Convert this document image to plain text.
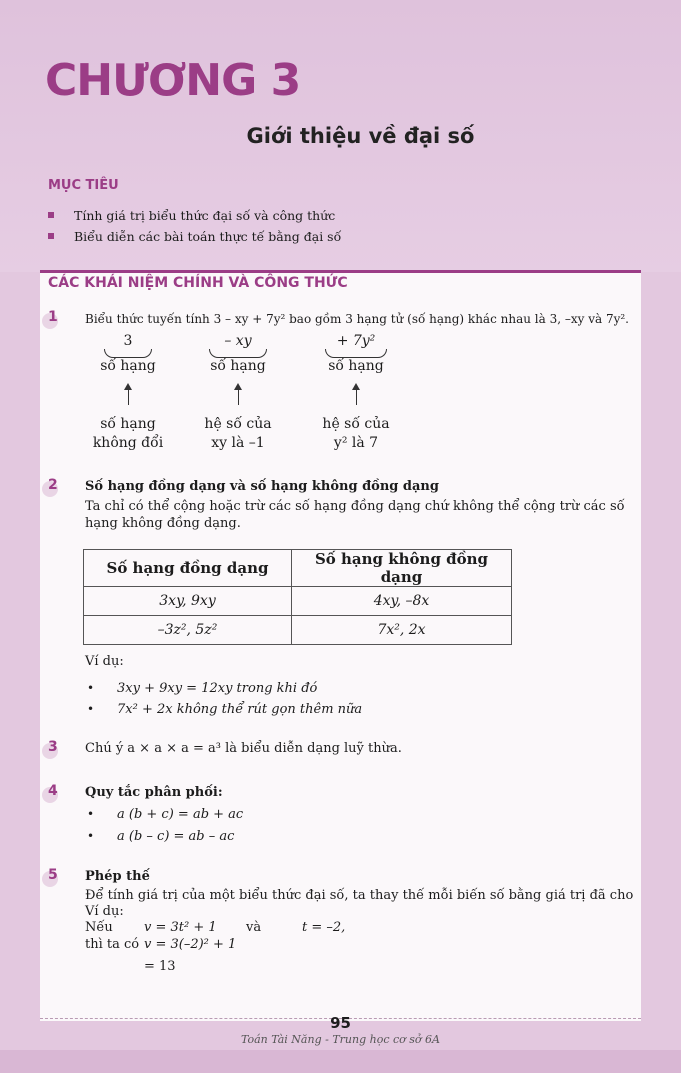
CHƯƠNG 3
Giới thiệu về đại số
MỤC TIÊU
Tính giá trị biểu thức đại số và công thức
Biểu diễn các bài toán thực tế bằng đại số
CÁC KHÁI NIỆM CHÍNH VÀ CÔNG THỨC
1	Biểu thức tuyến tính 3 – xy + 7y² bao gồm 3 hạng tử (số hạng) khác nhau là 3, –xy và 7y².
3
số hạng
– xy
số hạng
+ 7y²
số hạng
số hạng
không đổi
hệ số của
xy là –1
hệ số của
y² là 7
2	Số hạng đồng dạng và số hạng không đồng dạng
Ta chỉ có thể cộng hoặc trừ các số hạng đồng dạng chứ không thể cộng trừ các số
hạng không đồng dạng.
Số hạng đồng dạng	Số hạng không đồng dạng
3xy, 9xy	4xy, –8x
–3z², 5z²	7x², 2x
Ví dụ:
• 3xy + 9xy = 12xy trong khi đó
• 7x² + 2x không thể rút gọn thêm nữa
3	Chú ý a × a × a = a³ là biểu diễn dạng luỹ thừa.
4	Quy tắc phân phối:
• a (b + c) = ab + ac
• a (b – c) = ab – ac
5	Phép thế
Để tính giá trị của một biểu thức đại số, ta thay thế mỗi biến số bằng giá trị đã cho
Ví dụ:
Nếu v = 3t² + 1 và	t = –2,
thì ta có v = 3(–2)² + 1
= 13
95
Toán Tài Năng - Trung học cơ sở 6A
